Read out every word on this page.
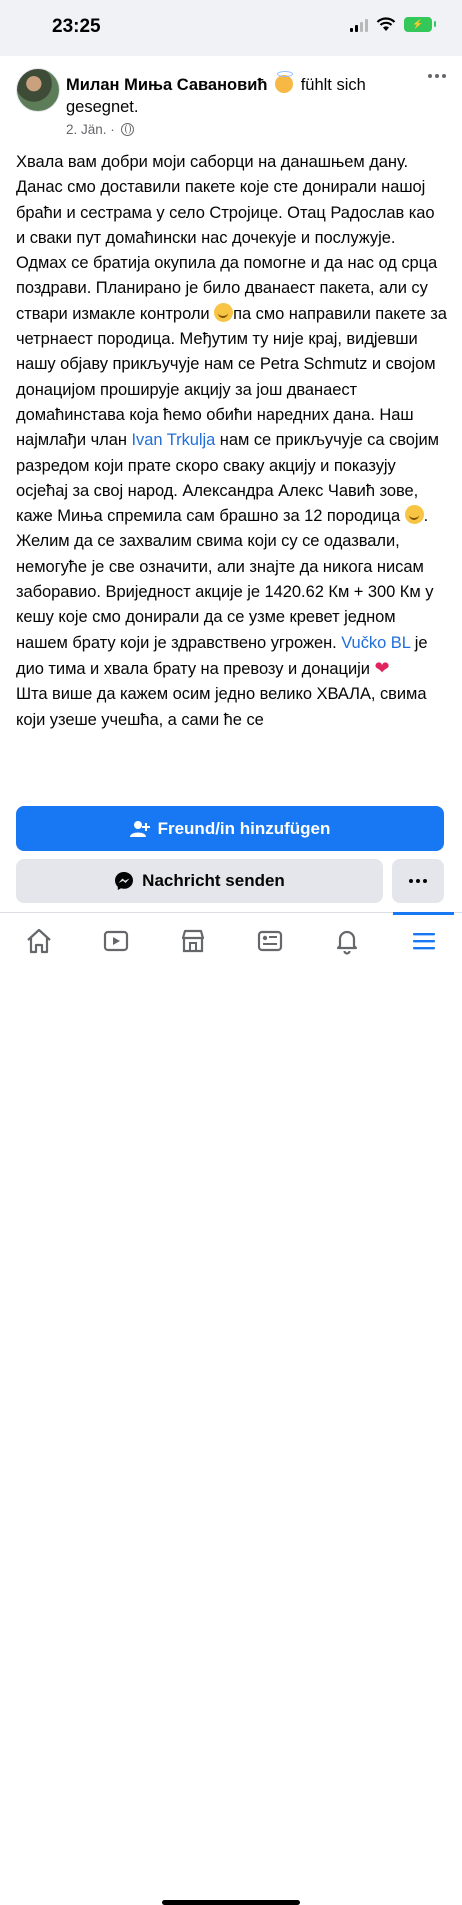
23:25	⚡
Милан Миња Савановић fühlt sich gesegnet.
2. Jän. ·

Хвала вам добри моји саборци на данашњем дану. Данас смо доставили пакете које сте донирали нашој браћи и сестрама у село Стројице. Отац Радослав као и сваки пут домаћински нас дочекује и послужује. Одмах се братија окупила да помогне и да нас од срца поздрави. Планирано је било дванаест пакета, али су ствари измакле контроли па смо направили пакете за четрнаест породица. Међутим ту није крај, видјевши нашу објаву прикључује нам се Petra Schmutz и својом донацијом проширује акцију за још дванаест домаћинстава која ћемо обићи наредних дана. Наш најмлађи члан Ivan Trkulja нам се прикључује са својим разредом који прате скоро сваку акцију и показују осјећај за свој народ. Александра Алекс Чавић зове, каже Миња спремила сам брашно за 12 породица . Желим да се захвалим свима који су се одазвали, немогуће је све означити, али знајте да никога нисам заборавио. Вриједност акције је 1420.62 Км + 300 Км у кешу које смо донирали да се узме кревет једном нашем брату који је здравствено угрожен. Vučko BL је дио тима и хвала брату на превозу и донацији ❤

Шта више да кажем осим једно велико ХВАЛА, свима који узеше учешћа, а сами ће се

Freund/in hinzufügen
Nachricht senden
